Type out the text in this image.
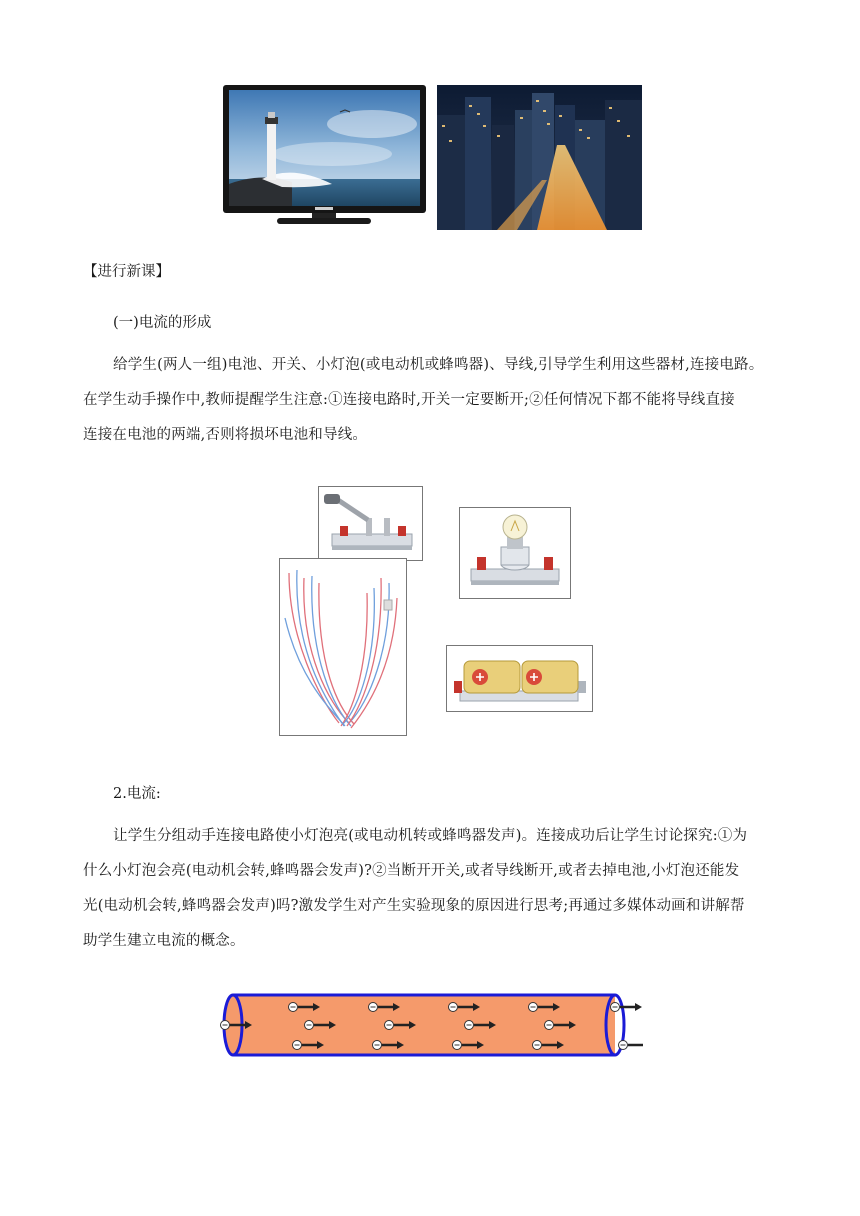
【进行新课】

(一)电流的形成

给学生(两人一组)电池、开关、小灯泡(或电动机或蜂鸣器)、导线,引导学生利用这些器材,连接电路。
在学生动手操作中,教师提醒学生注意:①连接电路时,开关一定要断开;②任何情况下都不能将导线直接
连接在电池的两端,否则将损坏电池和导线。

2.电流:

让学生分组动手连接电路使小灯泡亮(或电动机转或蜂鸣器发声)。连接成功后让学生讨论探究:①为
什么小灯泡会亮(电动机会转,蜂鸣器会发声)?②当断开开关,或者导线断开,或者去掉电池,小灯泡还能发
光(电动机会转,蜂鸣器会发声)吗?激发学生对产生实验现象的原因进行思考;再通过多媒体动画和讲解帮
助学生建立电流的概念。
